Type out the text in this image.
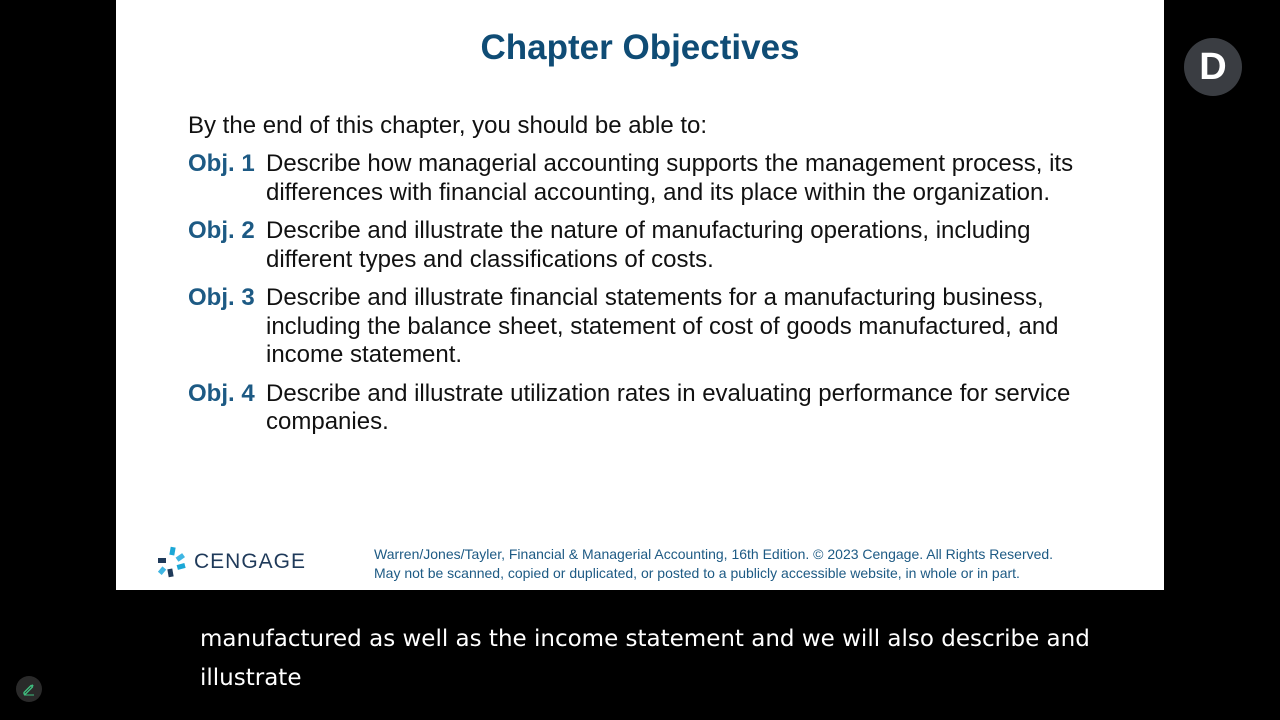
Chapter Objectives

By the end of this chapter, you should be able to:

Obj. 1 Describe how managerial accounting supports the management process, its differences with financial accounting, and its place within the organization.
Obj. 2 Describe and illustrate the nature of manufacturing operations, including different types and classifications of costs.
Obj. 3 Describe and illustrate financial statements for a manufacturing business, including the balance sheet, statement of cost of goods manufactured, and income statement.
Obj. 4 Describe and illustrate utilization rates in evaluating performance for service companies.
CENGAGE	Warren/Jones/Tayler, Financial & Managerial Accounting, 16th Edition. © 2023 Cengage. All Rights Reserved.
May not be scanned, copied or duplicated, or posted to a publicly accessible website, in whole or in part.
D
manufactured as well as the income statement and we will also describe and
illustrate
